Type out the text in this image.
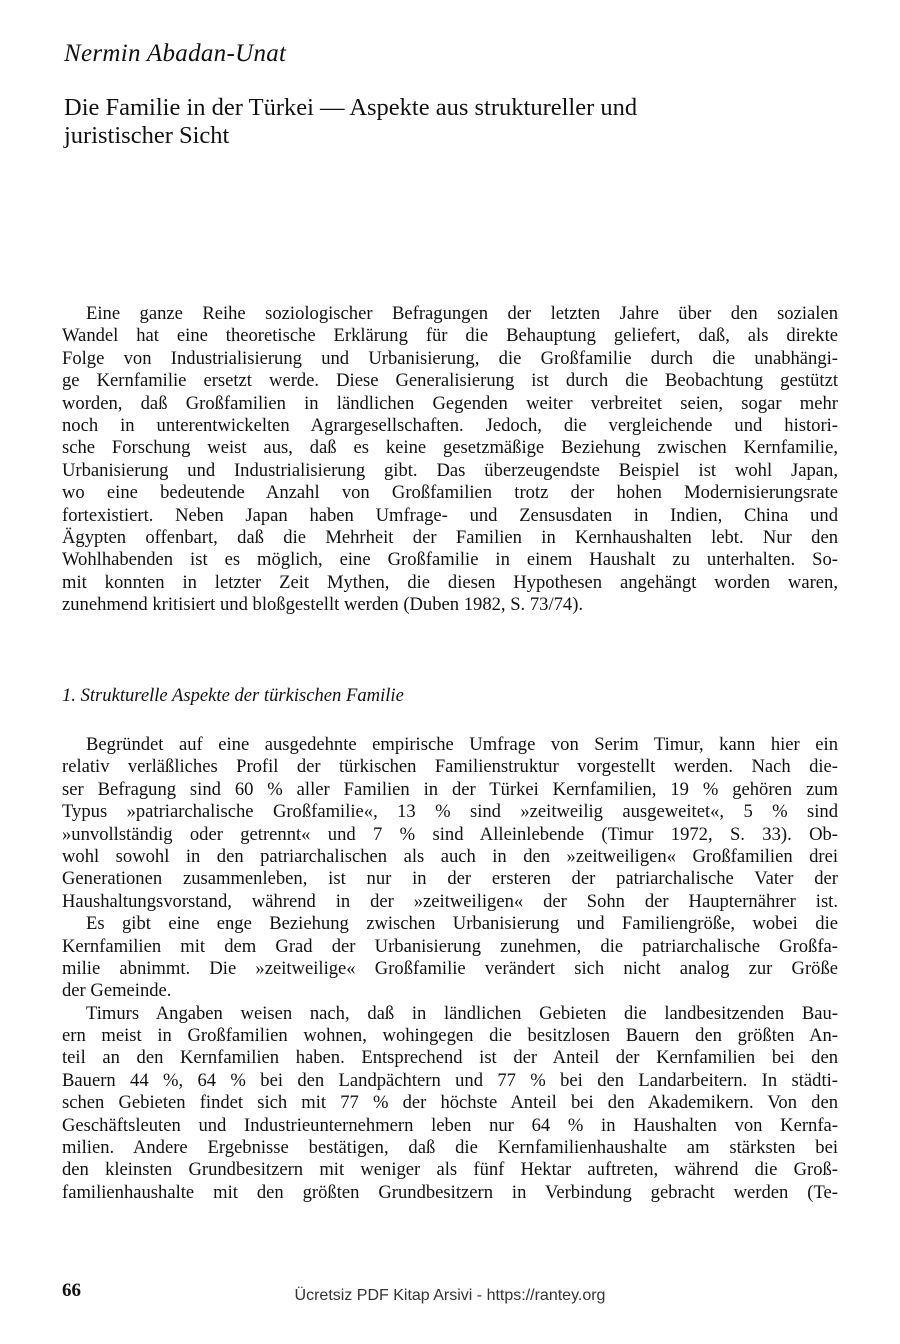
Nermin Abadan-Unat
Die Familie in der Türkei — Aspekte aus struktureller und
juristischer Sicht
Eine ganze Reihe soziologischer Befragungen der letzten Jahre über den sozialen
Wandel hat eine theoretische Erklärung für die Behauptung geliefert, daß, als direkte
Folge von Industrialisierung und Urbanisierung, die Großfamilie durch die unabhängi-
ge Kernfamilie ersetzt werde. Diese Generalisierung ist durch die Beobachtung gestützt
worden, daß Großfamilien in ländlichen Gegenden weiter verbreitet seien, sogar mehr
noch in unterentwickelten Agrargesellschaften. Jedoch, die vergleichende und histori-
sche Forschung weist aus, daß es keine gesetzmäßige Beziehung zwischen Kernfamilie,
Urbanisierung und Industrialisierung gibt. Das überzeugendste Beispiel ist wohl Japan,
wo eine bedeutende Anzahl von Großfamilien trotz der hohen Modernisierungsrate
fortexistiert. Neben Japan haben Umfrage- und Zensusdaten in Indien, China und
Ägypten offenbart, daß die Mehrheit der Familien in Kernhaushalten lebt. Nur den
Wohlhabenden ist es möglich, eine Großfamilie in einem Haushalt zu unterhalten. So-
mit konnten in letzter Zeit Mythen, die diesen Hypothesen angehängt worden waren,
zunehmend kritisiert und bloßgestellt werden (Duben 1982, S. 73/74).
1. Strukturelle Aspekte der türkischen Familie
Begründet auf eine ausgedehnte empirische Umfrage von Serim Timur, kann hier ein
relativ verläßliches Profil der türkischen Familienstruktur vorgestellt werden. Nach die-
ser Befragung sind 60 % aller Familien in der Türkei Kernfamilien, 19 % gehören zum
Typus »patriarchalische Großfamilie«, 13 % sind »zeitweilig ausgeweitet«, 5 % sind
»unvollständig oder getrennt« und 7 % sind Alleinlebende (Timur 1972, S. 33). Ob-
wohl sowohl in den patriarchalischen als auch in den »zeitweiligen« Großfamilien drei
Generationen zusammenleben, ist nur in der ersteren der patriarchalische Vater der
Haushaltungsvorstand, während in der »zeitweiligen« der Sohn der Haupternährer ist.
Es gibt eine enge Beziehung zwischen Urbanisierung und Familiengröße, wobei die
Kernfamilien mit dem Grad der Urbanisierung zunehmen, die patriarchalische Großfa-
milie abnimmt. Die »zeitweilige« Großfamilie verändert sich nicht analog zur Größe
der Gemeinde.
Timurs Angaben weisen nach, daß in ländlichen Gebieten die landbesitzenden Bau-
ern meist in Großfamilien wohnen, wohingegen die besitzlosen Bauern den größten An-
teil an den Kernfamilien haben. Entsprechend ist der Anteil der Kernfamilien bei den
Bauern 44 %, 64 % bei den Landpächtern und 77 % bei den Landarbeitern. In städti-
schen Gebieten findet sich mit 77 % der höchste Anteil bei den Akademikern. Von den
Geschäftsleuten und Industrieunternehmern leben nur 64 % in Haushalten von Kernfa-
milien. Andere Ergebnisse bestätigen, daß die Kernfamilienhaushalte am stärksten bei
den kleinsten Grundbesitzern mit weniger als fünf Hektar auftreten, während die Groß-
familienhaushalte mit den größten Grundbesitzern in Verbindung gebracht werden (Te-
66	Ücretsiz PDF Kitap Arsivi - https://rantey.org
